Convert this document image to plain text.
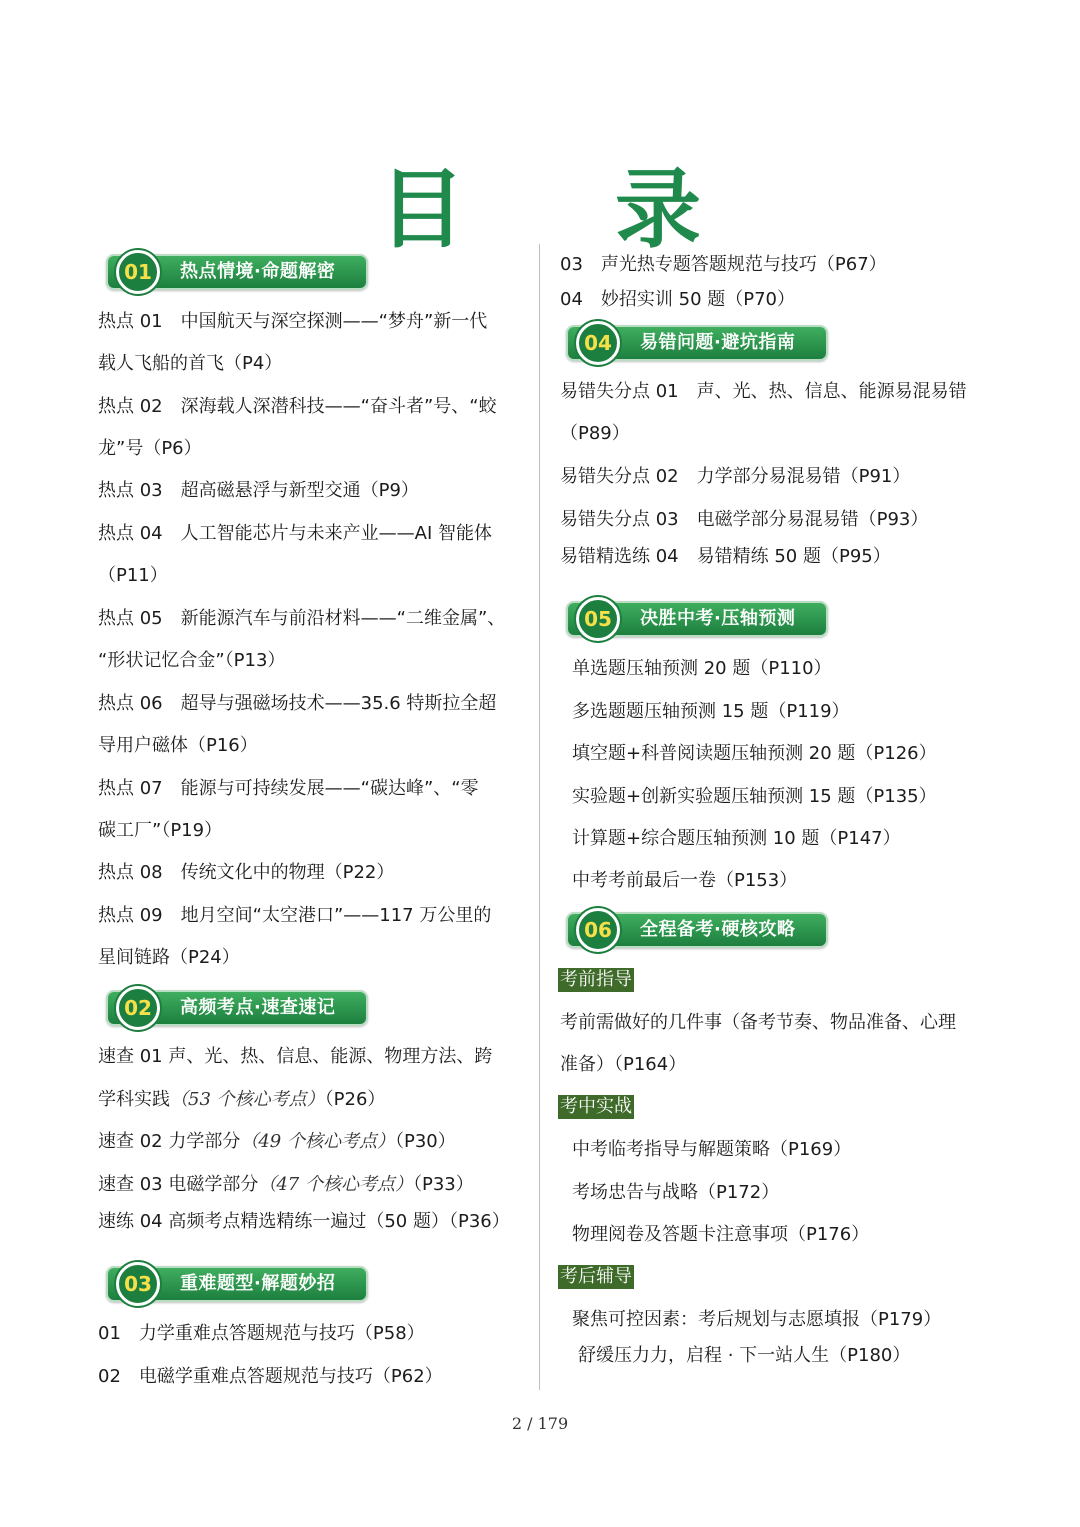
目 录
01	热点情境·命题解密
热点 01　中国航天与深空探测——“梦舟”新一代
载人飞船的首飞（P4）
热点 02　深海载人深潜科技——“奋斗者”号、“蛟
龙”号（P6）
热点 03　超高磁悬浮与新型交通（P9）
热点 04　人工智能芯片与未来产业——AI 智能体
（P11）
热点 05　新能源汽车与前沿材料——“二维金属”、
“形状记忆合金”（P13）
热点 06　超导与强磁场技术——35.6 特斯拉全超
导用户磁体（P16）
热点 07　能源与可持续发展——“碳达峰”、“零
碳工厂”（P19）
热点 08　传统文化中的物理（P22）
热点 09　地月空间“太空港口”——117 万公里的
星间链路（P24）
02	高频考点·速查速记
速查 01 声、光、热、信息、能源、物理方法、跨
学科实践（53 个核心考点）（P26）
速查 02 力学部分（49 个核心考点）（P30）
速查 03 电磁学部分（47 个核心考点）（P33）
速练 04 高频考点精选精练一遍过（50 题）（P36）
03	重难题型·解题妙招
01　力学重难点答题规范与技巧（P58）
02　电磁学重难点答题规范与技巧（P62）
03　声光热专题答题规范与技巧（P67）
04　妙招实训 50 题（P70）
04	易错问题·避坑指南
易错失分点 01　声、光、热、信息、能源易混易错
（P89）
易错失分点 02　力学部分易混易错（P91）
易错失分点 03　电磁学部分易混易错（P93）
易错精选练 04　易错精练 50 题（P95）
05	决胜中考·压轴预测
单选题压轴预测 20 题（P110）
多选题题压轴预测 15 题（P119）
填空题+科普阅读题压轴预测 20 题（P126）
实验题+创新实验题压轴预测 15 题（P135）
计算题+综合题压轴预测 10 题（P147）
中考考前最后一卷（P153）
06	全程备考·硬核攻略
考前指导
考前需做好的几件事（备考节奏、物品准备、心理
准备）（P164）
考中实战
中考临考指导与解题策略（P169）
考场忠告与战略（P172）
物理阅卷及答题卡注意事项（P176）
考后辅导
聚焦可控因素：考后规划与志愿填报（P179）
舒缓压力力，启程 · 下一站人生（P180）
2 / 179
